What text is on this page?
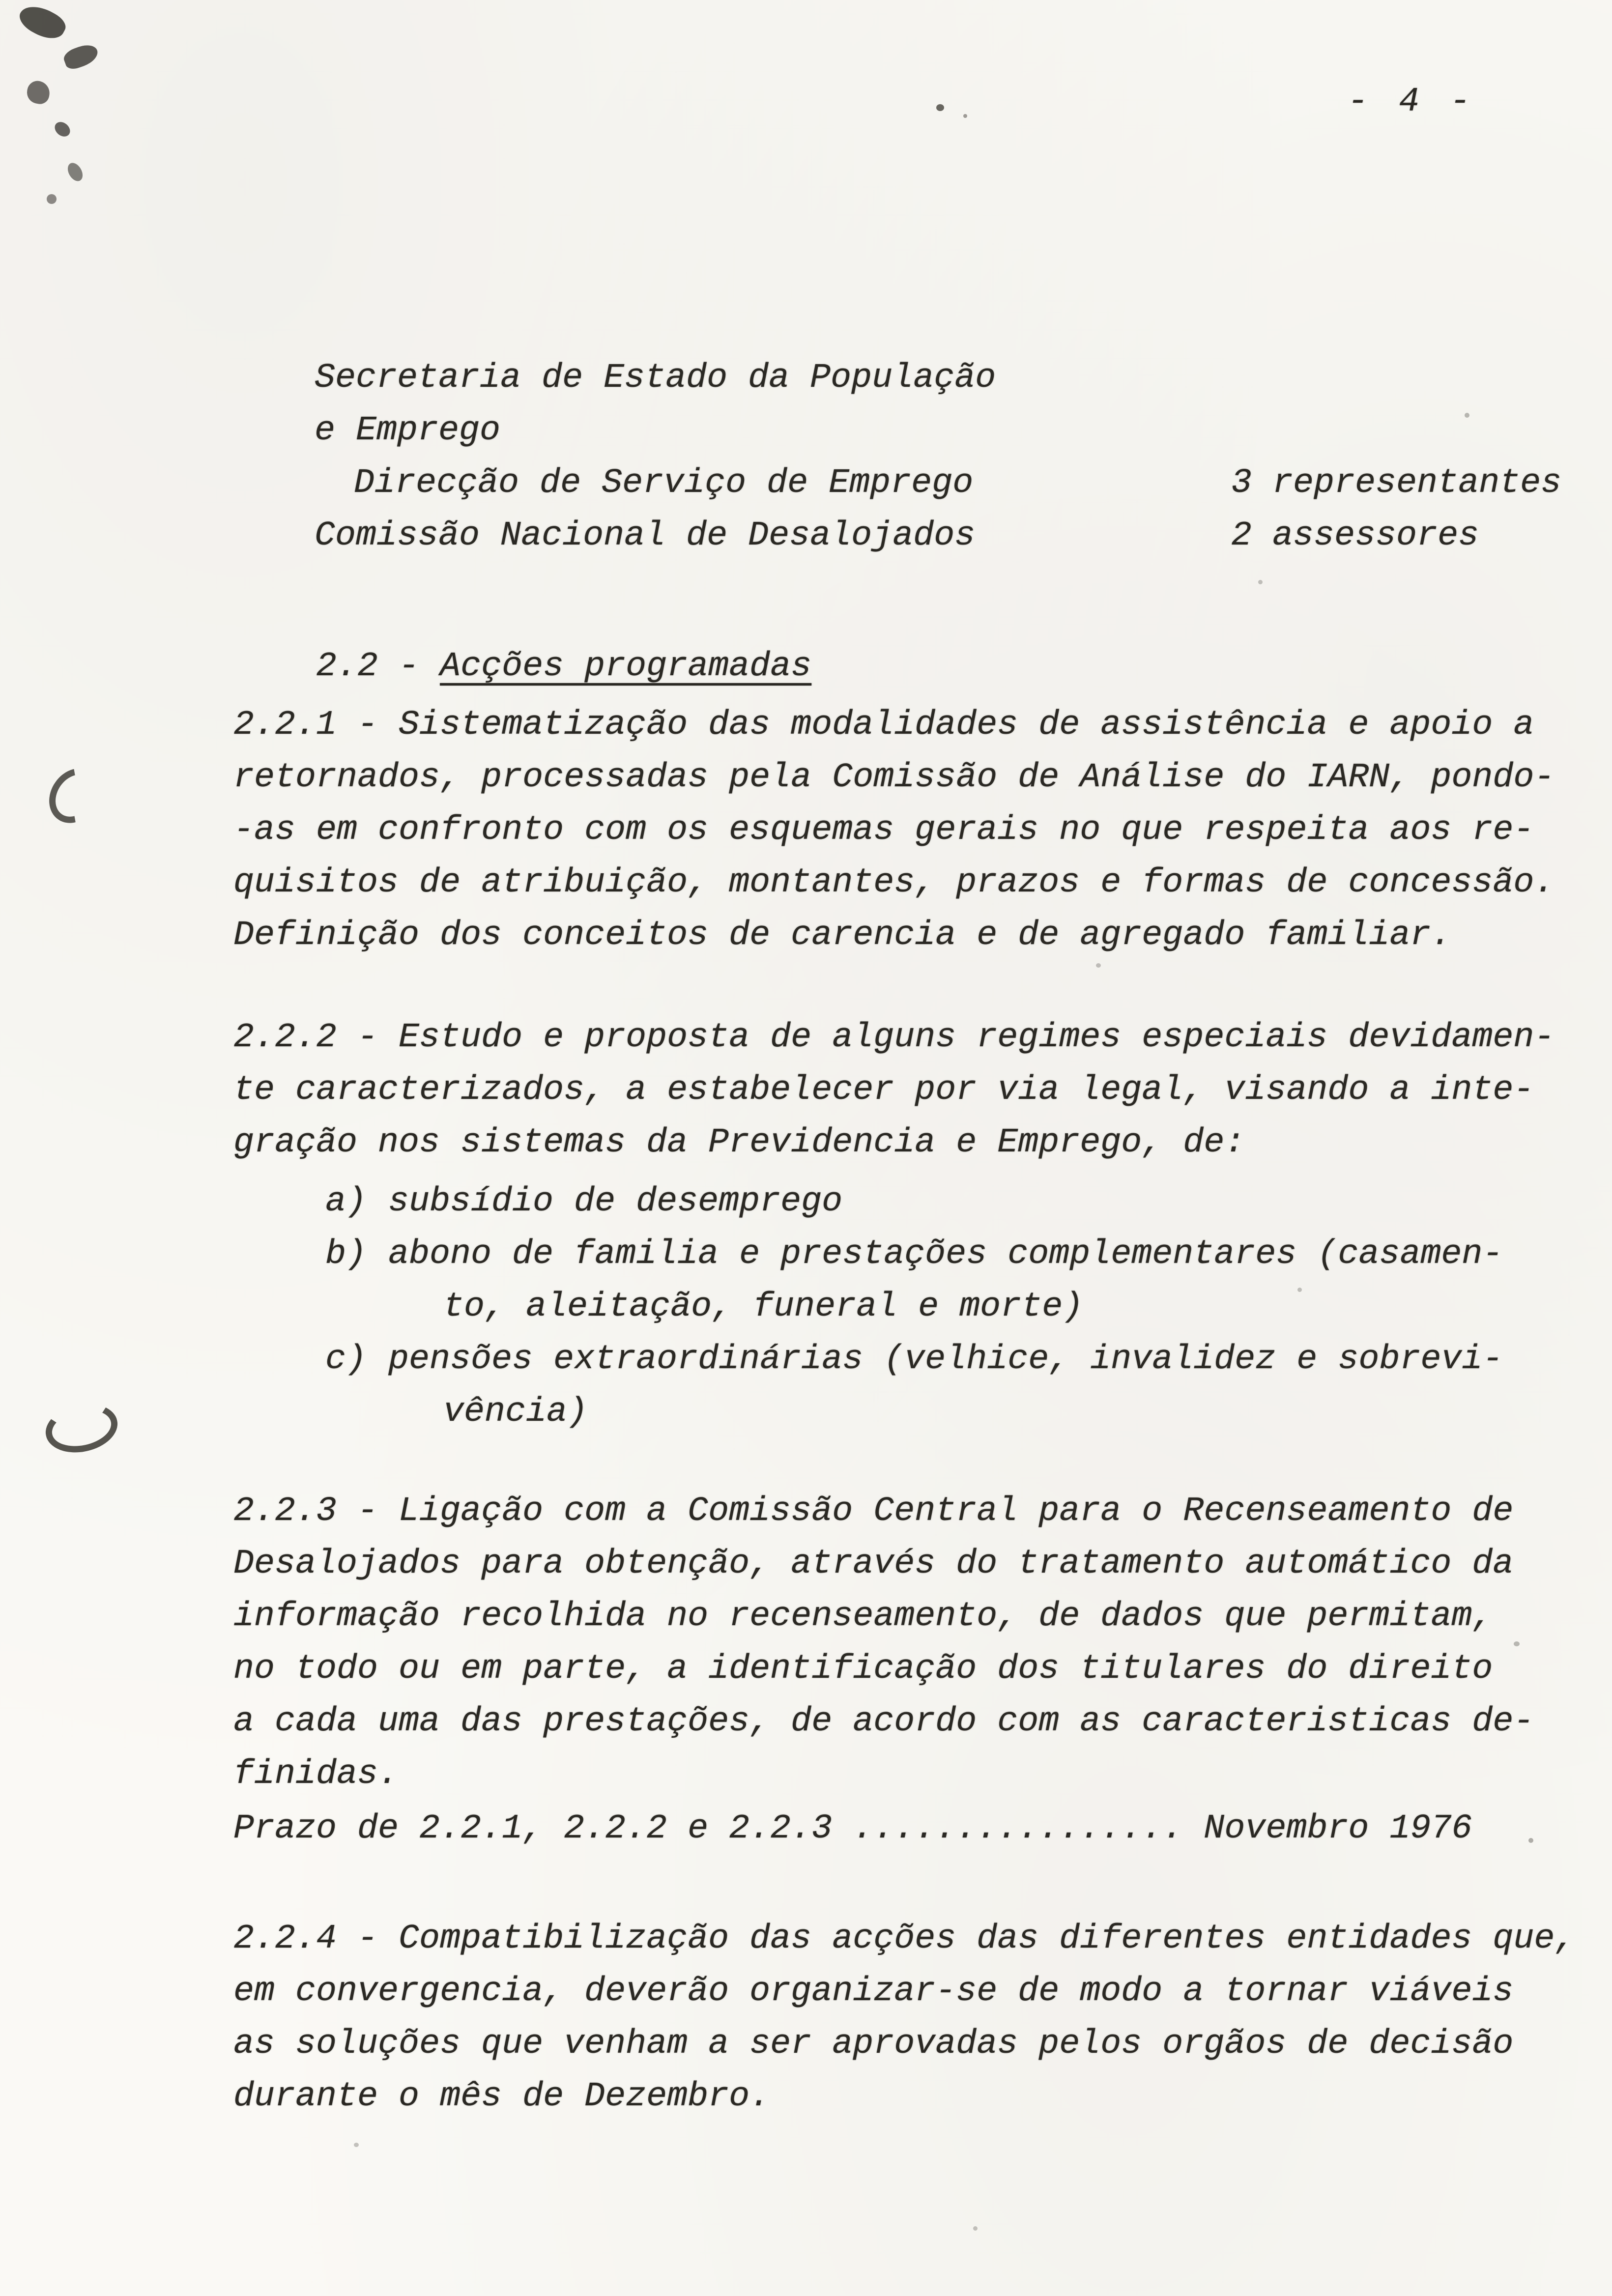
- 4 -
Secretaria de Estado da População
e Emprego
Direcção de Serviço de Emprego	3 representantes
Comissão Nacional de Desalojados	2 assessores

2.2 - Acções programadas

2.2.1 - Sistematização das modalidades de assistência e apoio a
retornados, processadas pela Comissão de Análise do IARN, pondo-
-as em confronto com os esquemas gerais no que respeita aos re-
quisitos de atribuição, montantes, prazos e formas de concessão.
Definição dos conceitos de carencia e de agregado familiar.
2.2.2 - Estudo e proposta de alguns regimes especiais devidamen-
te caracterizados, a estabelecer por via legal, visando a inte-
gração nos sistemas da Previdencia e Emprego, de:
a) subsídio de desemprego
b) abono de familia e prestações complementares (casamen-
to, aleitação, funeral e morte)
c) pensões extraordinárias (velhice, invalidez e sobrevi-
vência)
2.2.3 - Ligação com a Comissão Central para o Recenseamento de
Desalojados para obtenção, através do tratamento automático da
informação recolhida no recenseamento, de dados que permitam,
no todo ou em parte, a identificação dos titulares do direito
a cada uma das prestações, de acordo com as caracteristicas de-
finidas.
Prazo de 2.2.1, 2.2.2 e 2.2.3 ................ Novembro 1976
2.2.4 - Compatibilização das acções das diferentes entidades que,
em convergencia, deverão organizar-se de modo a tornar viáveis
as soluções que venham a ser aprovadas pelos orgãos de decisão
durante o mês de Dezembro.
